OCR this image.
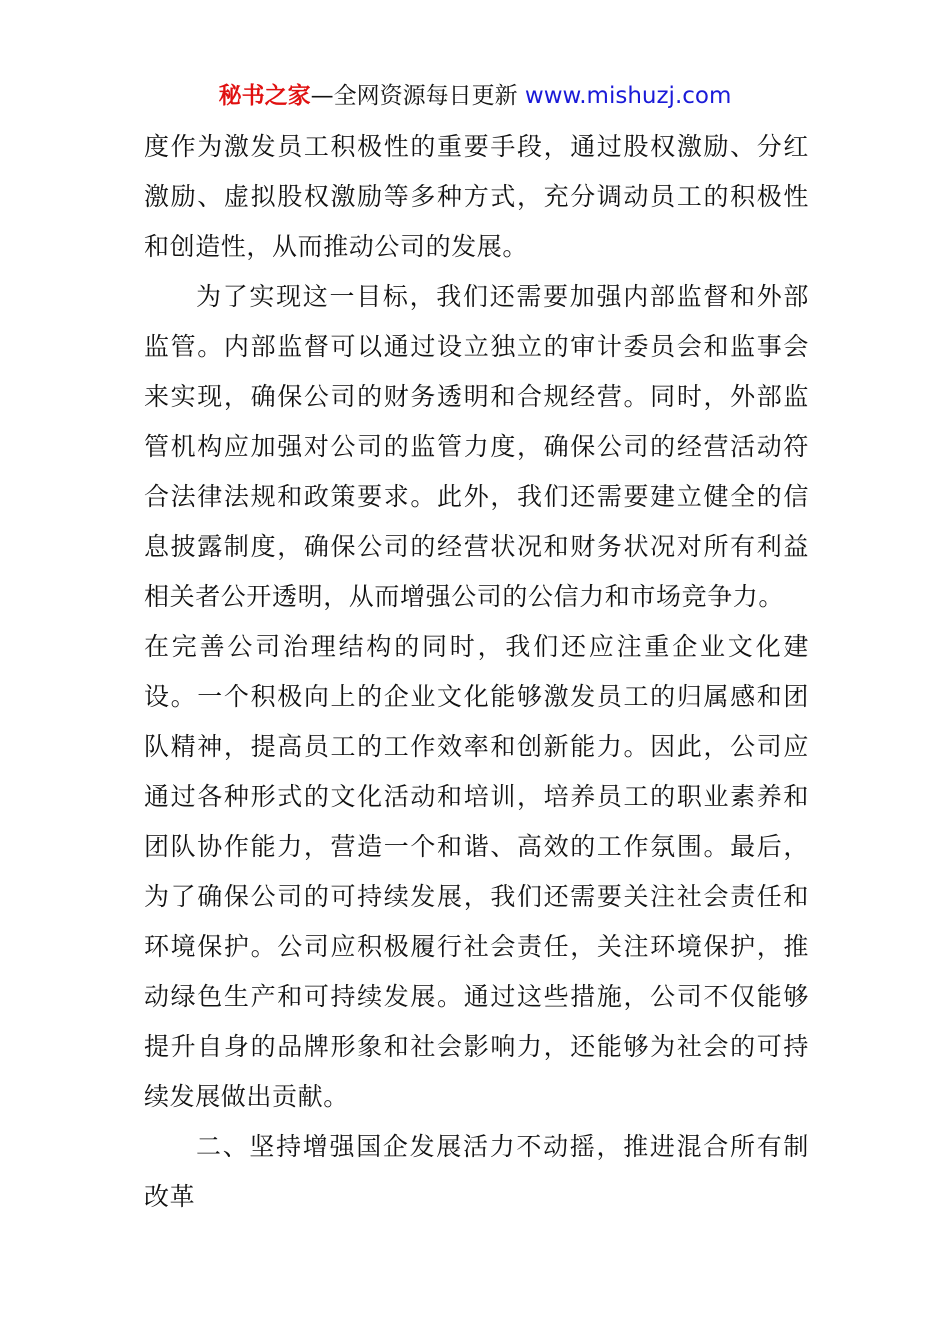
秘书之家—全网资源每日更新 www.mishuzj.com

度作为激发员工积极性的重要手段，通过股权激励、分红激励、虚拟股权激励等多种方式，充分调动员工的积极性和创造性，从而推动公司的发展。

为了实现这一目标，我们还需要加强内部监督和外部监管。内部监督可以通过设立独立的审计委员会和监事会来实现，确保公司的财务透明和合规经营。同时，外部监管机构应加强对公司的监管力度，确保公司的经营活动符合法律法规和政策要求。此外，我们还需要建立健全的信息披露制度，确保公司的经营状况和财务状况对所有利益相关者公开透明，从而增强公司的公信力和市场竞争力。

在完善公司治理结构的同时，我们还应注重企业文化建设。一个积极向上的企业文化能够激发员工的归属感和团队精神，提高员工的工作效率和创新能力。因此，公司应通过各种形式的文化活动和培训，培养员工的职业素养和团队协作能力，营造一个和谐、高效的工作氛围。最后，为了确保公司的可持续发展，我们还需要关注社会责任和环境保护。公司应积极履行社会责任，关注环境保护，推动绿色生产和可持续发展。通过这些措施，公司不仅能够提升自身的品牌形象和社会影响力，还能够为社会的可持续发展做出贡献。

二、坚持增强国企发展活力不动摇，推进混合所有制改革
